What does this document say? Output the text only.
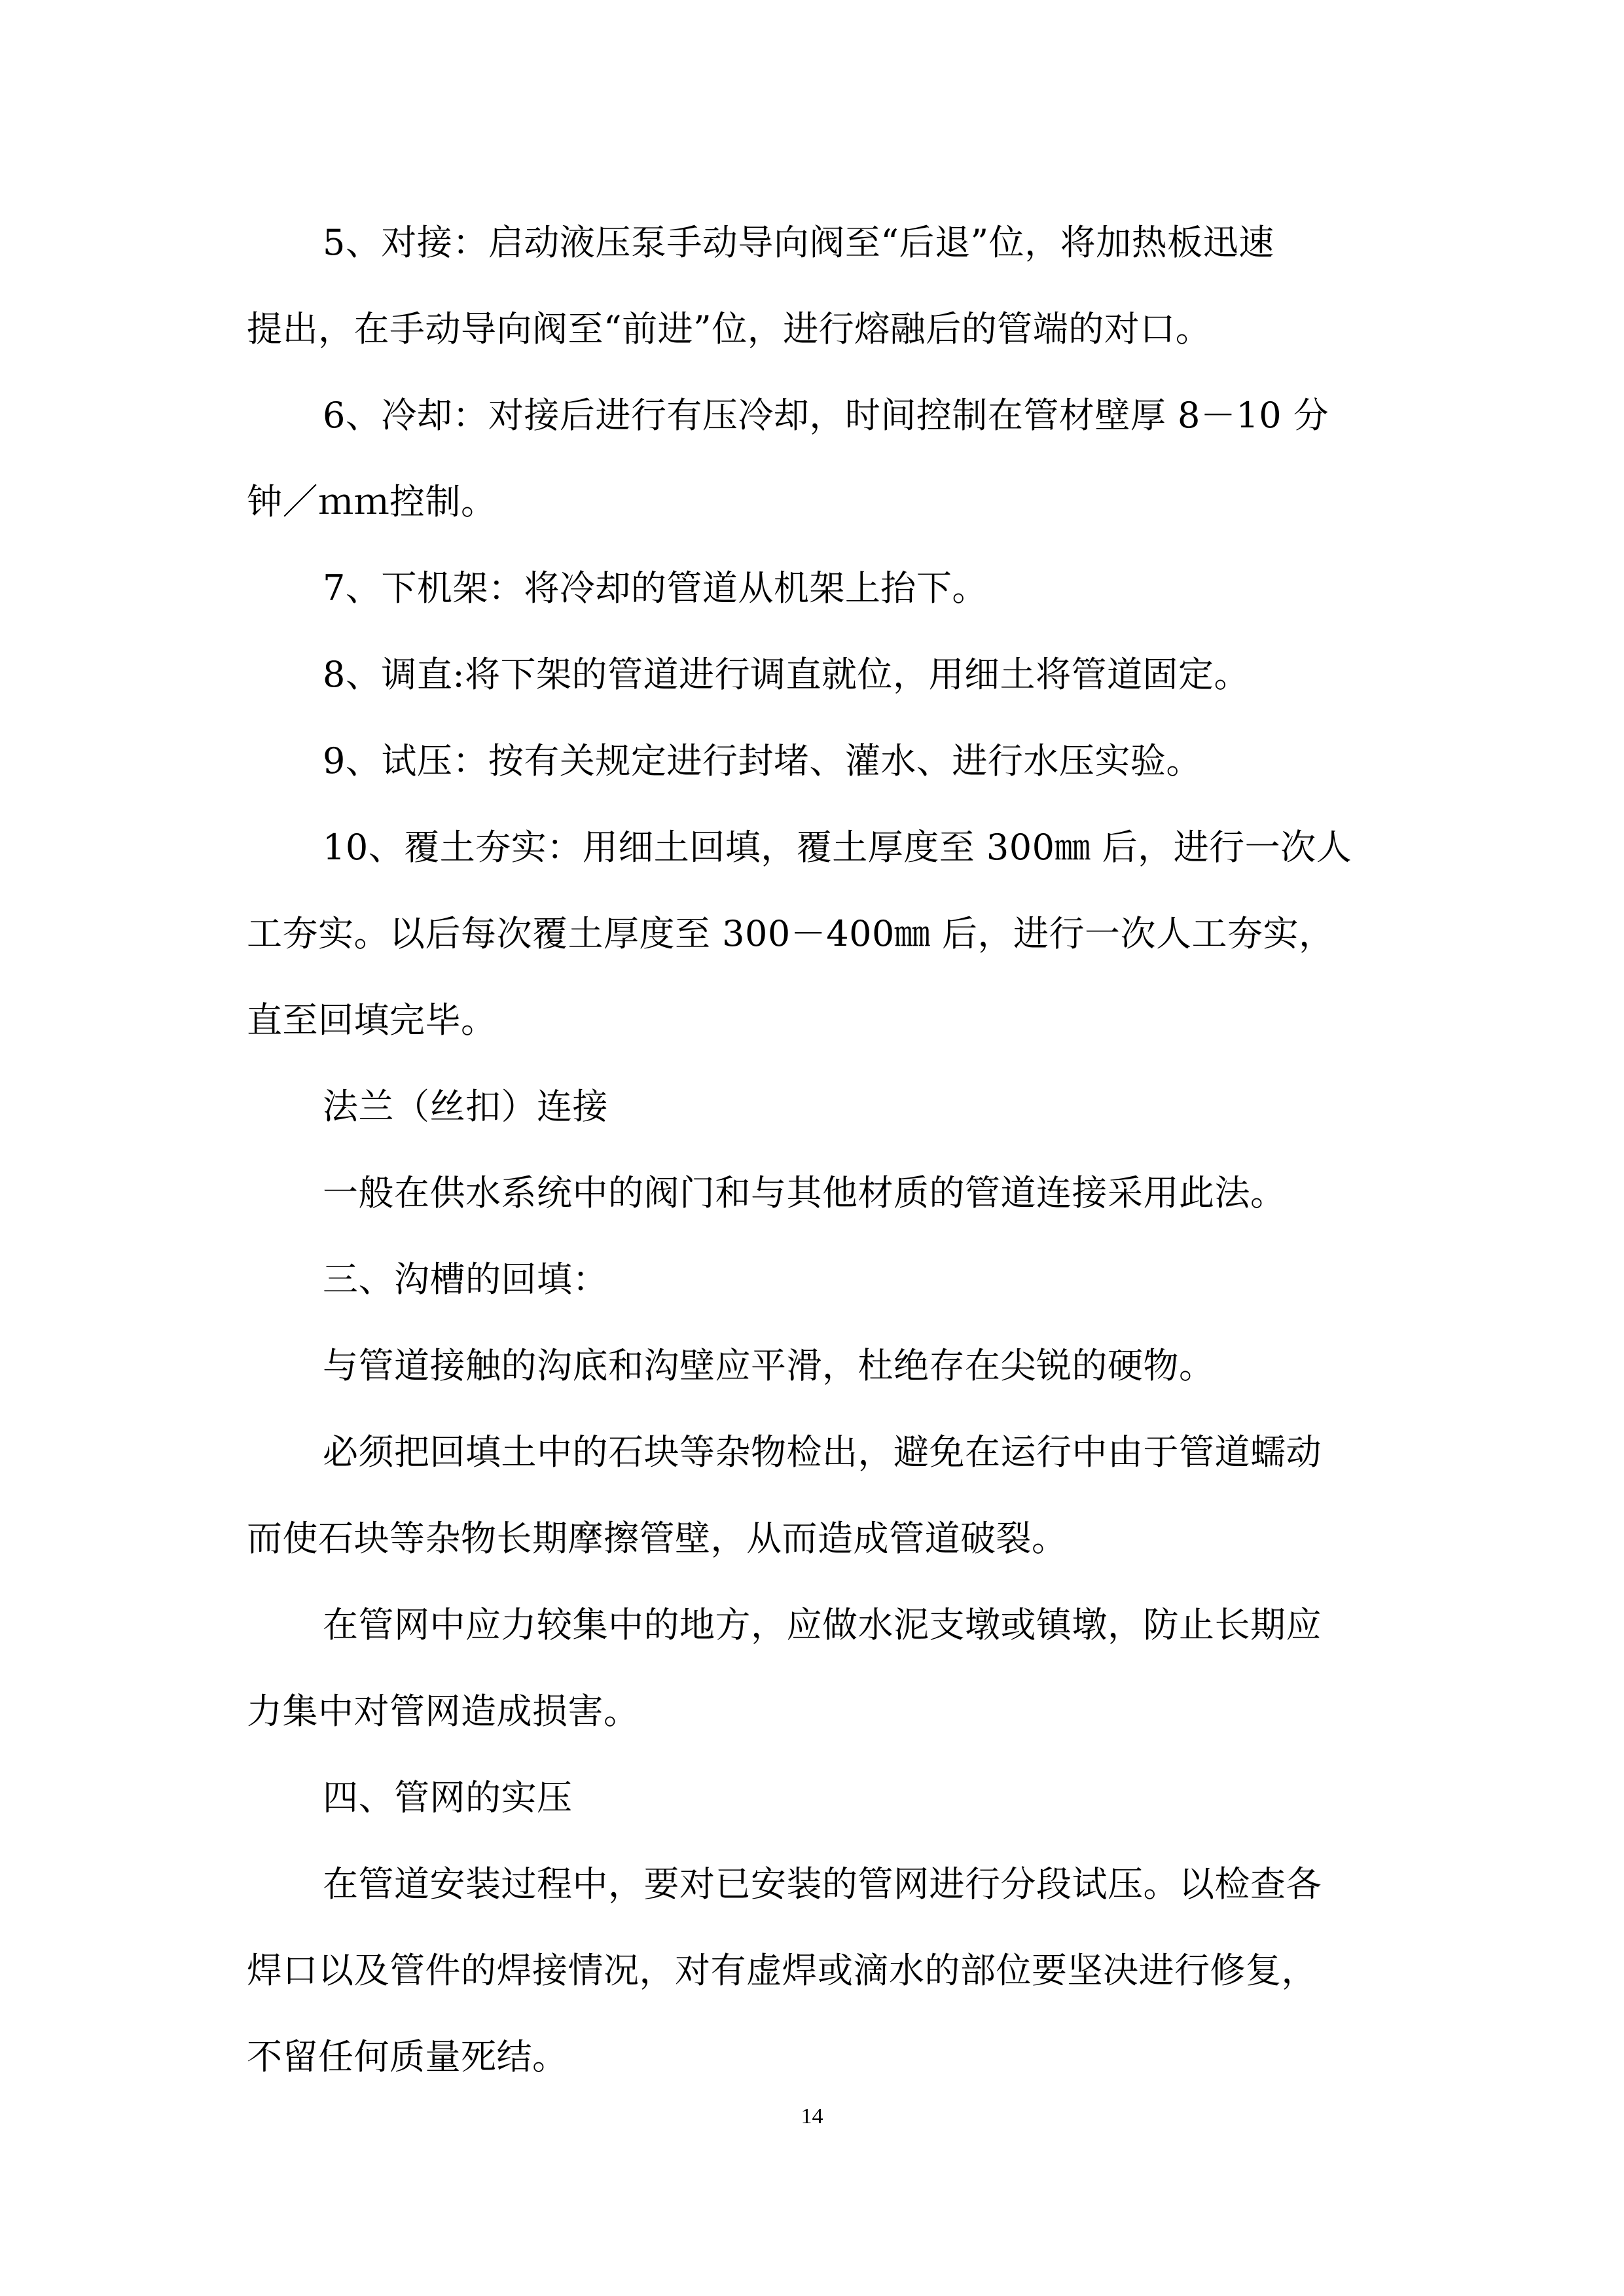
5、对接：启动液压泵手动导向阀至“后退”位，将加热板迅速
提出，在手动导向阀至“前进”位，进行熔融后的管端的对口。
6、冷却：对接后进行有压冷却，时间控制在管材壁厚 8－10 分
钟／ｍｍ控制。
7、下机架：将冷却的管道从机架上抬下。
8、调直:将下架的管道进行调直就位，用细土将管道固定。
9、试压：按有关规定进行封堵、灌水、进行水压实验。
10、覆土夯实：用细土回填，覆土厚度至 300㎜ 后，进行一次人
工夯实。以后每次覆土厚度至 300－400㎜ 后，进行一次人工夯实，
直至回填完毕。
法兰（丝扣）连接
一般在供水系统中的阀门和与其他材质的管道连接采用此法。
三、沟槽的回填：
与管道接触的沟底和沟壁应平滑，杜绝存在尖锐的硬物。
必须把回填土中的石块等杂物检出，避免在运行中由于管道蠕动
而使石块等杂物长期摩擦管壁，从而造成管道破裂。
在管网中应力较集中的地方，应做水泥支墩或镇墩，防止长期应
力集中对管网造成损害。
四、管网的实压
在管道安装过程中，要对已安装的管网进行分段试压。以检查各
焊口以及管件的焊接情况，对有虚焊或滴水的部位要坚决进行修复，
不留任何质量死结。
14
